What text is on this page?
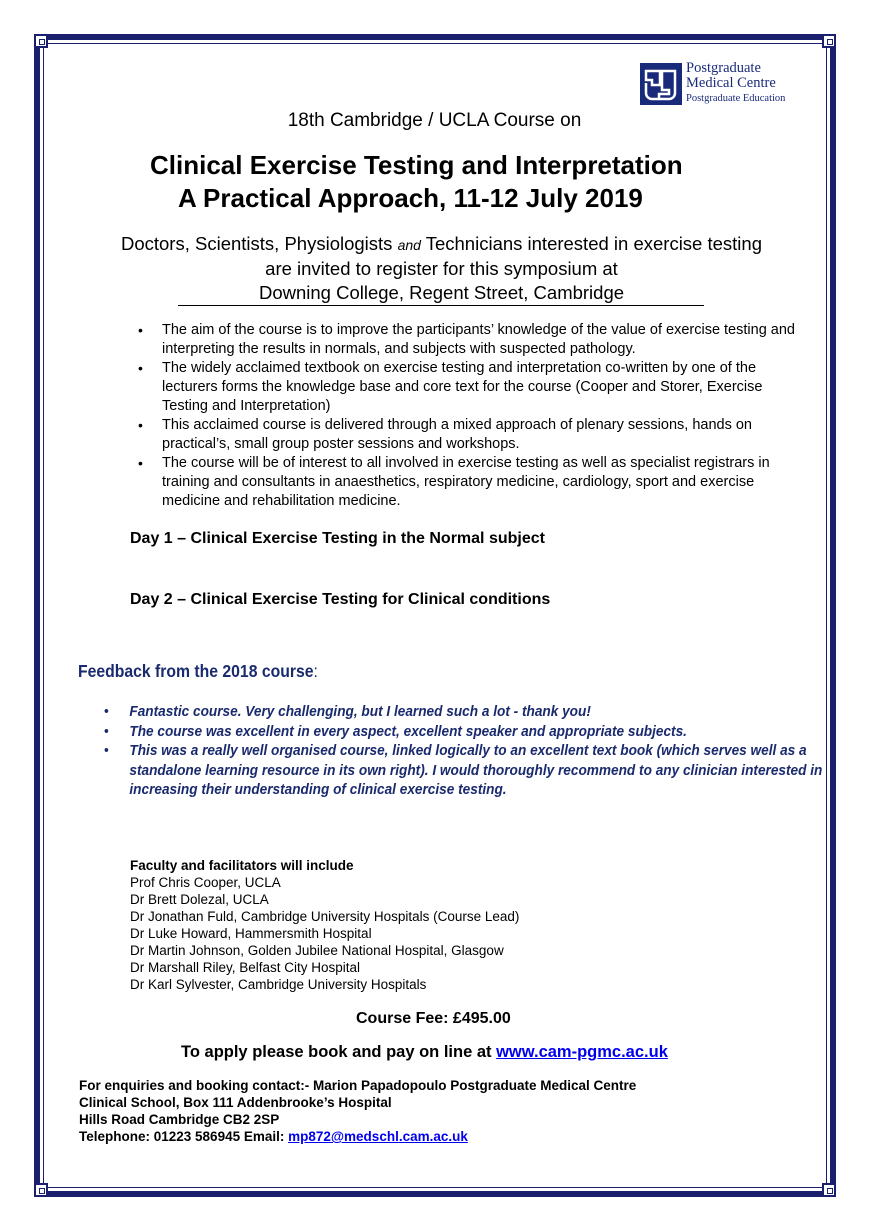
Postgraduate
Medical Centre
Postgraduate Education
18th Cambridge / UCLA Course on
Clinical Exercise Testing and Interpretation
A Practical Approach, 11-12 July 2019
Doctors, Scientists, Physiologists and Technicians interested in exercise testing
are invited to register for this symposium at
Downing College, Regent Street, Cambridge
• The aim of the course is to improve the participants’ knowledge of the value of exercise testing and interpreting the results in normals, and subjects with suspected pathology.
• The widely acclaimed textbook on exercise testing and interpretation co-written by one of the lecturers forms the knowledge base and core text for the course (Cooper and Storer, Exercise Testing and Interpretation)
• This acclaimed course is delivered through a mixed approach of plenary sessions, hands on practical’s, small group poster sessions and workshops.
• The course will be of interest to all involved in exercise testing as well as specialist registrars in training and consultants in anaesthetics, respiratory medicine, cardiology, sport and exercise medicine and rehabilitation medicine.
Day 1 – Clinical Exercise Testing in the Normal subject
Day 2 – Clinical Exercise Testing for Clinical conditions
Feedback from the 2018 course:
• Fantastic course. Very challenging, but I learned such a lot - thank you!
• The course was excellent in every aspect, excellent speaker and appropriate subjects.
• This was a really well organised course, linked logically to an excellent text book (which serves well as a standalone learning resource in its own right). I would thoroughly recommend to any clinician interested in increasing their understanding of clinical exercise testing.
Faculty and facilitators will include
Prof Chris Cooper, UCLA
Dr Brett Dolezal, UCLA
Dr Jonathan Fuld, Cambridge University Hospitals (Course Lead)
Dr Luke Howard, Hammersmith Hospital
Dr Martin Johnson, Golden Jubilee National Hospital, Glasgow
Dr Marshall Riley, Belfast City Hospital
Dr Karl Sylvester, Cambridge University Hospitals
Course Fee: £495.00
To apply please book and pay on line at www.cam-pgmc.ac.uk
For enquiries and booking contact:- Marion Papadopoulo Postgraduate Medical Centre
Clinical School, Box 111 Addenbrooke’s Hospital
Hills Road Cambridge CB2 2SP
Telephone: 01223 586945 Email: mp872@medschl.cam.ac.uk
